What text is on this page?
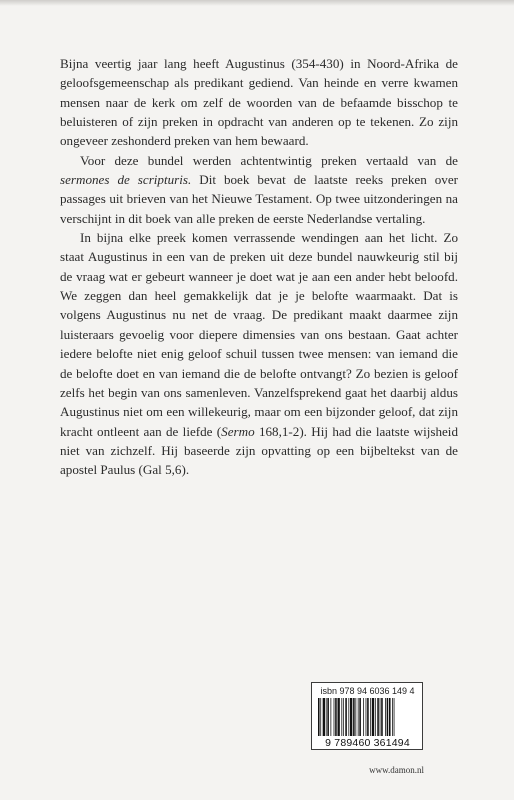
Bijna veertig jaar lang heeft Augustinus (354-430) in Noord-Afrika de geloofsgemeenschap als predikant gediend. Van heinde en verre kwamen mensen naar de kerk om zelf de woorden van de befaamde bisschop te beluisteren of zijn preken in opdracht van anderen op te tekenen. Zo zijn ongeveer zeshonderd preken van hem bewaard.

Voor deze bundel werden achtentwintig preken vertaald van de sermones de scripturis. Dit boek bevat de laatste reeks preken over passages uit brieven van het Nieuwe Testament. Op twee uitzonderingen na verschijnt in dit boek van alle preken de eerste Nederlandse vertaling.

In bijna elke preek komen verrassende wendingen aan het licht. Zo staat Augustinus in een van de preken uit deze bundel nauwkeurig stil bij de vraag wat er gebeurt wanneer je doet wat je aan een ander hebt beloofd. We zeggen dan heel gemakkelijk dat je je belofte waarmaakt. Dat is volgens Augustinus nu net de vraag. De predikant maakt daarmee zijn luisteraars gevoelig voor diepere dimensies van ons bestaan. Gaat achter iedere belofte niet enig geloof schuil tussen twee mensen: van iemand die de belofte doet en van iemand die de belofte ontvangt? Zo bezien is geloof zelfs het begin van ons samenleven. Vanzelfsprekend gaat het daarbij aldus Augustinus niet om een willekeurig, maar om een bijzonder geloof, dat zijn kracht ontleent aan de liefde (Sermo 168,1-2). Hij had die laatste wijsheid niet van zichzelf. Hij baseerde zijn opvatting op een bijbeltekst van de apostel Paulus (Gal 5,6).

isbn 978 94 6036 149 4
9 789460 361494
www.damon.nl
